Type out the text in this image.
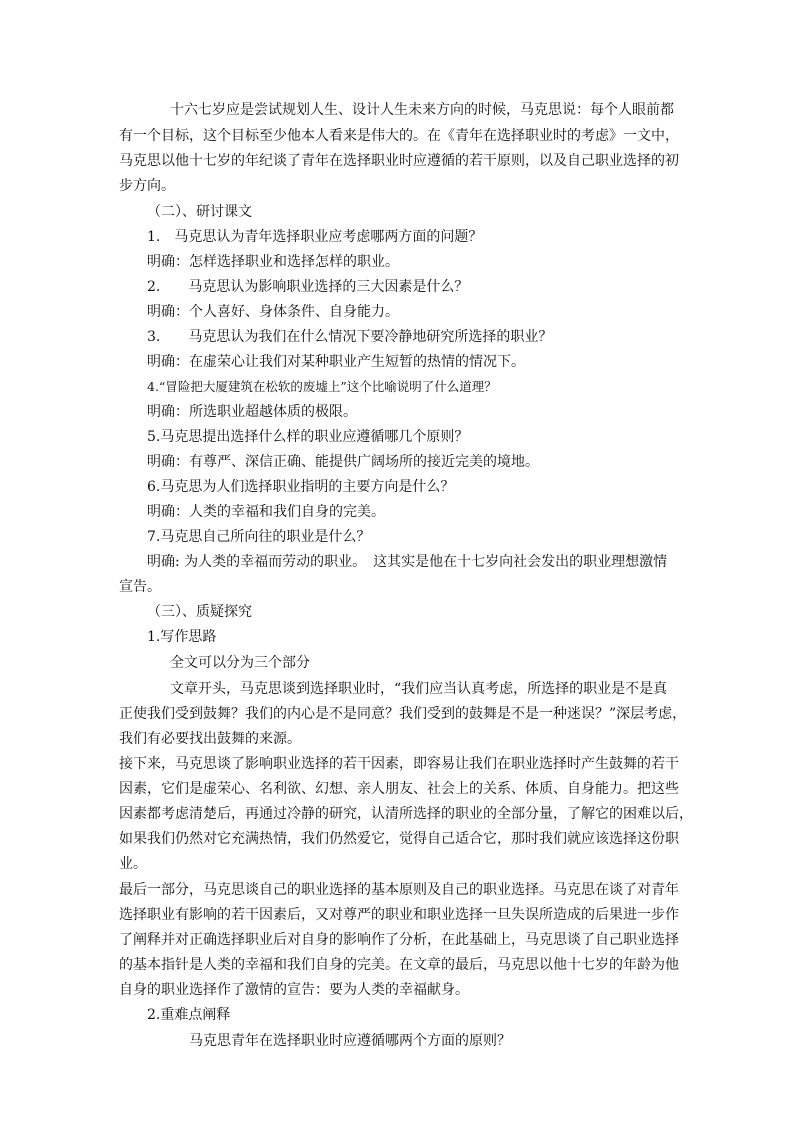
十六七岁应是尝试规划人生、设计人生未来方向的时候，马克思说：每个人眼前都
有一个目标，这个目标至少他本人看来是伟大的。在《青年在选择职业时的考虑》一文中，
马克思以他十七岁的年纪谈了青年在选择职业时应遵循的若干原则，以及自己职业选择的初
步方向。
（二）、研讨课文
1.　马克思认为青年选择职业应考虑哪两方面的问题？
明确：怎样选择职业和选择怎样的职业。
2.　　马克思认为影响职业选择的三大因素是什么？
明确：个人喜好、身体条件、自身能力。
3.　　马克思认为我们在什么情况下要冷静地研究所选择的职业？
明确：在虚荣心让我们对某种职业产生短暂的热情的情况下。
4.“冒险把大厦建筑在松软的废墟上”这个比喻说明了什么道理？
明确：所选职业超越体质的极限。
5.马克思提出选择什么样的职业应遵循哪几个原则？
明确：有尊严、深信正确、能提供广阔场所的接近完美的境地。
6.马克思为人们选择职业指明的主要方向是什么？
明确：人类的幸福和我们自身的完美。
7.马克思自己所向往的职业是什么？
明确: 为人类的幸福而劳动的职业。　这其实是他在十七岁向社会发出的职业理想激情
宣告。
（三）、质疑探究
1.写作思路
全文可以分为三个部分
文章开头，马克思谈到选择职业时，“我们应当认真考虑，所选择的职业是不是真
正使我们受到鼓舞？我们的内心是不是同意？我们受到的鼓舞是不是一种迷误？”深层考虑，
我们有必要找出鼓舞的来源。
接下来，马克思谈了影响职业选择的若干因素，即容易让我们在职业选择时产生鼓舞的若干
因素，它们是虚荣心、名利欲、幻想、亲人朋友、社会上的关系、体质、自身能力。把这些
因素都考虑清楚后，再通过冷静的研究，认清所选择的职业的全部分量，了解它的困难以后，
如果我们仍然对它充满热情，我们仍然爱它，觉得自己适合它，那时我们就应该选择这份职
业。
最后一部分，马克思谈自己的职业选择的基本原则及自己的职业选择。马克思在谈了对青年
选择职业有影响的若干因素后，又对尊严的职业和职业选择一旦失误所造成的后果进一步作
了阐释并对正确选择职业后对自身的影响作了分析，在此基础上，马克思谈了自己职业选择
的基本指针是人类的幸福和我们自身的完美。在文章的最后，马克思以他十七岁的年龄为他
自身的职业选择作了激情的宣告：要为人类的幸福献身。
2.重难点阐释
马克思青年在选择职业时应遵循哪两个方面的原则？
